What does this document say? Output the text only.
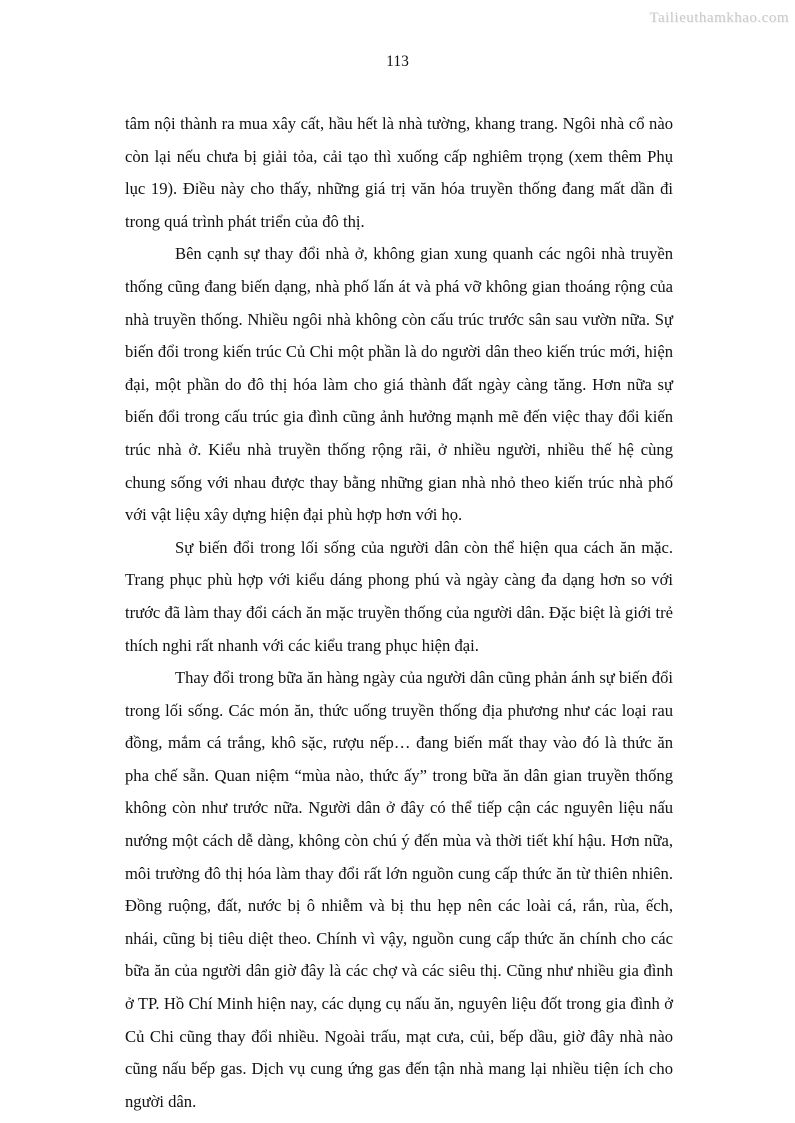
Tailieuthamkhao.com
113

tâm nội thành ra mua xây cất, hầu hết là nhà tường, khang trang. Ngôi nhà cổ nào còn lại nếu chưa bị giải tỏa, cải tạo thì xuống cấp nghiêm trọng (xem thêm Phụ lục 19). Điều này cho thấy, những giá trị văn hóa truyền thống đang mất dần đi trong quá trình phát triển của đô thị.

Bên cạnh sự thay đổi nhà ở, không gian xung quanh các ngôi nhà truyền thống cũng đang biến dạng, nhà phố lấn át và phá vỡ không gian thoáng rộng của nhà truyền thống. Nhiều ngôi nhà không còn cấu trúc trước sân sau vườn nữa. Sự biến đổi trong kiến trúc Củ Chi một phần là do người dân theo kiến trúc mới, hiện đại, một phần do đô thị hóa làm cho giá thành đất ngày càng tăng. Hơn nữa sự biến đổi trong cấu trúc gia đình cũng ảnh hưởng mạnh mẽ đến việc thay đổi kiến trúc nhà ở. Kiểu nhà truyền thống rộng rãi, ở nhiều người, nhiều thế hệ cùng chung sống với nhau được thay bằng những gian nhà nhỏ theo kiến trúc nhà phố với vật liệu xây dựng hiện đại phù hợp hơn với họ.

Sự biến đổi trong lối sống của người dân còn thể hiện qua cách ăn mặc. Trang phục phù hợp với kiểu dáng phong phú và ngày càng đa dạng hơn so với trước đã làm thay đổi cách ăn mặc truyền thống của người dân. Đặc biệt là giới trẻ thích nghi rất nhanh với các kiểu trang phục hiện đại.

Thay đổi trong bữa ăn hàng ngày của người dân cũng phản ánh sự biến đổi trong lối sống. Các món ăn, thức uống truyền thống địa phương như các loại rau đồng, mắm cá trắng, khô sặc, rượu nếp… đang biến mất thay vào đó là thức ăn pha chế sẵn. Quan niệm “mùa nào, thức ấy” trong bữa ăn dân gian truyền thống không còn như trước nữa. Người dân ở đây có thể tiếp cận các nguyên liệu nấu nướng một cách dễ dàng, không còn chú ý đến mùa và thời tiết khí hậu. Hơn nữa, môi trường đô thị hóa làm thay đổi rất lớn nguồn cung cấp thức ăn từ thiên nhiên. Đồng ruộng, đất, nước bị ô nhiễm và bị thu hẹp nên các loài cá, rắn, rùa, ếch, nhái, cũng bị tiêu diệt theo. Chính vì vậy, nguồn cung cấp thức ăn chính cho các bữa ăn của người dân giờ đây là các chợ và các siêu thị. Cũng như nhiều gia đình ở TP. Hồ Chí Minh hiện nay, các dụng cụ nấu ăn, nguyên liệu đốt trong gia đình ở Củ Chi cũng thay đổi nhiều. Ngoài trấu, mạt cưa, củi, bếp dầu, giờ đây nhà nào cũng nấu bếp gas. Dịch vụ cung ứng gas đến tận nhà mang lại nhiều tiện ích cho người dân.
